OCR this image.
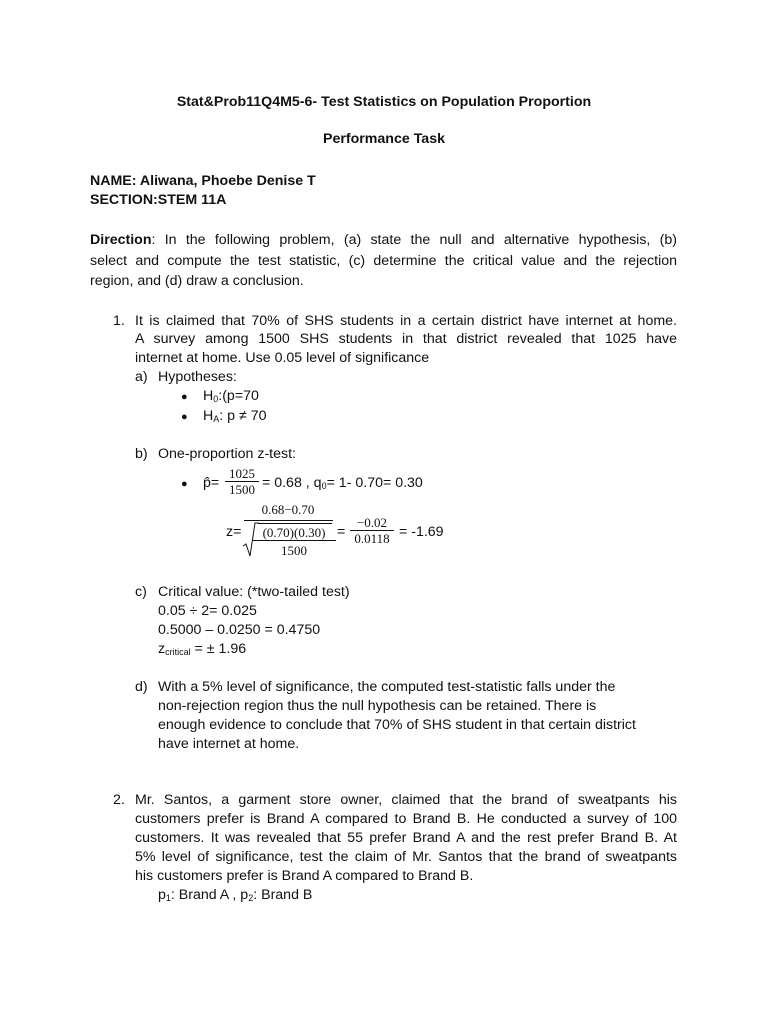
Stat&Prob11Q4M5-6- Test Statistics on Population Proportion
Performance Task
NAME: Aliwana, Phoebe Denise T
SECTION:STEM 11A
Direction: In the following problem, (a) state the null and alternative hypothesis, (b)
select and compute the test statistic, (c) determine the critical value and the rejection
region, and (d) draw a conclusion.
1. It is claimed that 70% of SHS students in a certain district have internet at home.
A survey among 1500 SHS students in that district revealed that 1025 have
internet at home. Use 0.05 level of significance
a) Hypotheses:
● $H_0:(p=70$
● $H_A$: p ≠ 70
b) One-proportion z-test:
● p̂= $\frac{1025}{1500} = 0.68$ , $q_0= 1-$ 0.70= 0.30
z=
0.68−0.70
$\frac{(0.70)(0.30)}{1500} = \frac{-0.02}{0.0118} = -1.69$
c) Critical value: (*two-tailed test)
0.05 ÷ 2= 0.025
0.5000 – 0.0250 = 0.4750
$z_{critical}$ = ± 1.96
d) With a 5% level of significance, the computed test-statistic falls under the
non-rejection region thus the null hypothesis can be retained. There is
enough evidence to conclude that 70% of SHS student in that certain district
have internet at home.
2. Mr. Santos, a garment store owner, claimed that the brand of sweatpants his
customers prefer is Brand A compared to Brand B. He conducted a survey of 100
customers. It was revealed that 55 prefer Brand A and the rest prefer Brand B. At
5% level of significance, test the claim of Mr. Santos that the brand of sweatpants
his customers prefer is Brand A compared to Brand B.
$p_1$: Brand A , $p_2$: Brand B
